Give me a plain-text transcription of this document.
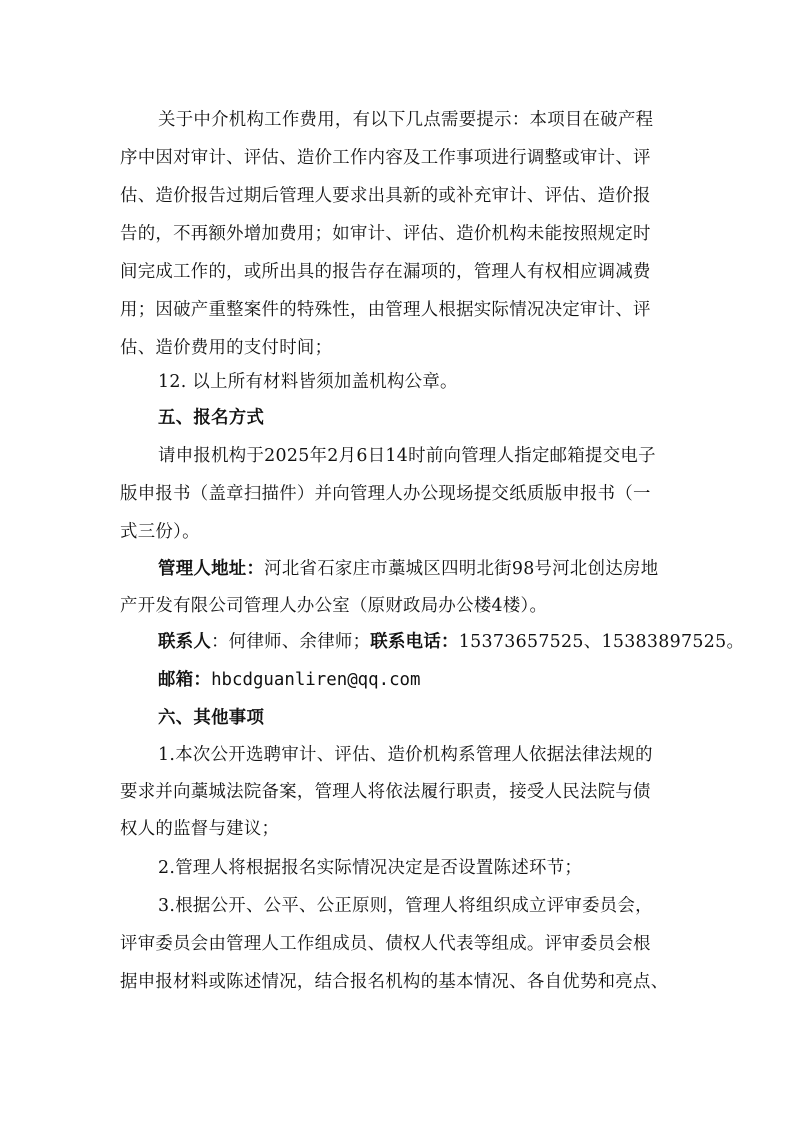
关于中介机构工作费用，有以下几点需要提示：本项目在破产程
序中因对审计、评估、造价工作内容及工作事项进行调整或审计、评
估、造价报告过期后管理人要求出具新的或补充审计、评估、造价报
告的，不再额外增加费用；如审计、评估、造价机构未能按照规定时
间完成工作的，或所出具的报告存在漏项的，管理人有权相应调减费
用；因破产重整案件的特殊性，由管理人根据实际情况决定审计、评
估、造价费用的支付时间；
12. 以上所有材料皆须加盖机构公章。
五、报名方式
请申报机构于2025年2月6日14时前向管理人指定邮箱提交电子
版申报书（盖章扫描件）并向管理人办公现场提交纸质版申报书（一
式三份）。
管理人地址：河北省石家庄市藁城区四明北街98号河北创达房地
产开发有限公司管理人办公室（原财政局办公楼4楼）。
联系人：何律师、余律师；联系电话：15373657525、15383897525。
邮箱：hbcdguanliren@qq.com
六、其他事项
1.本次公开选聘审计、评估、造价机构系管理人依据法律法规的
要求并向藁城法院备案，管理人将依法履行职责，接受人民法院与债
权人的监督与建议；
2.管理人将根据报名实际情况决定是否设置陈述环节；
3.根据公开、公平、公正原则，管理人将组织成立评审委员会，
评审委员会由管理人工作组成员、债权人代表等组成。评审委员会根
据申报材料或陈述情况，结合报名机构的基本情况、各自优势和亮点、
